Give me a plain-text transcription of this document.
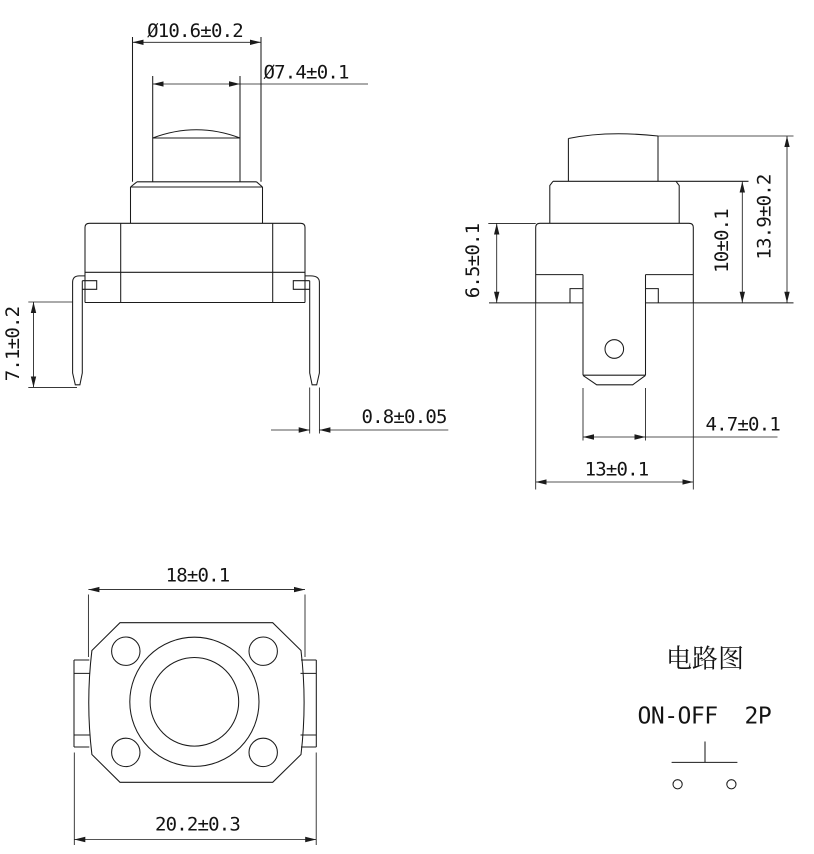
Ø10.6±0.2
Ø7.4±0.1
7.1±0.2
0.8±0.05
6.5±0.1	10±0.1 13.9±0.2
4.7±0.1
13±0.1
18±0.1
20.2±0.3
电路图
ON-OFF 2P
